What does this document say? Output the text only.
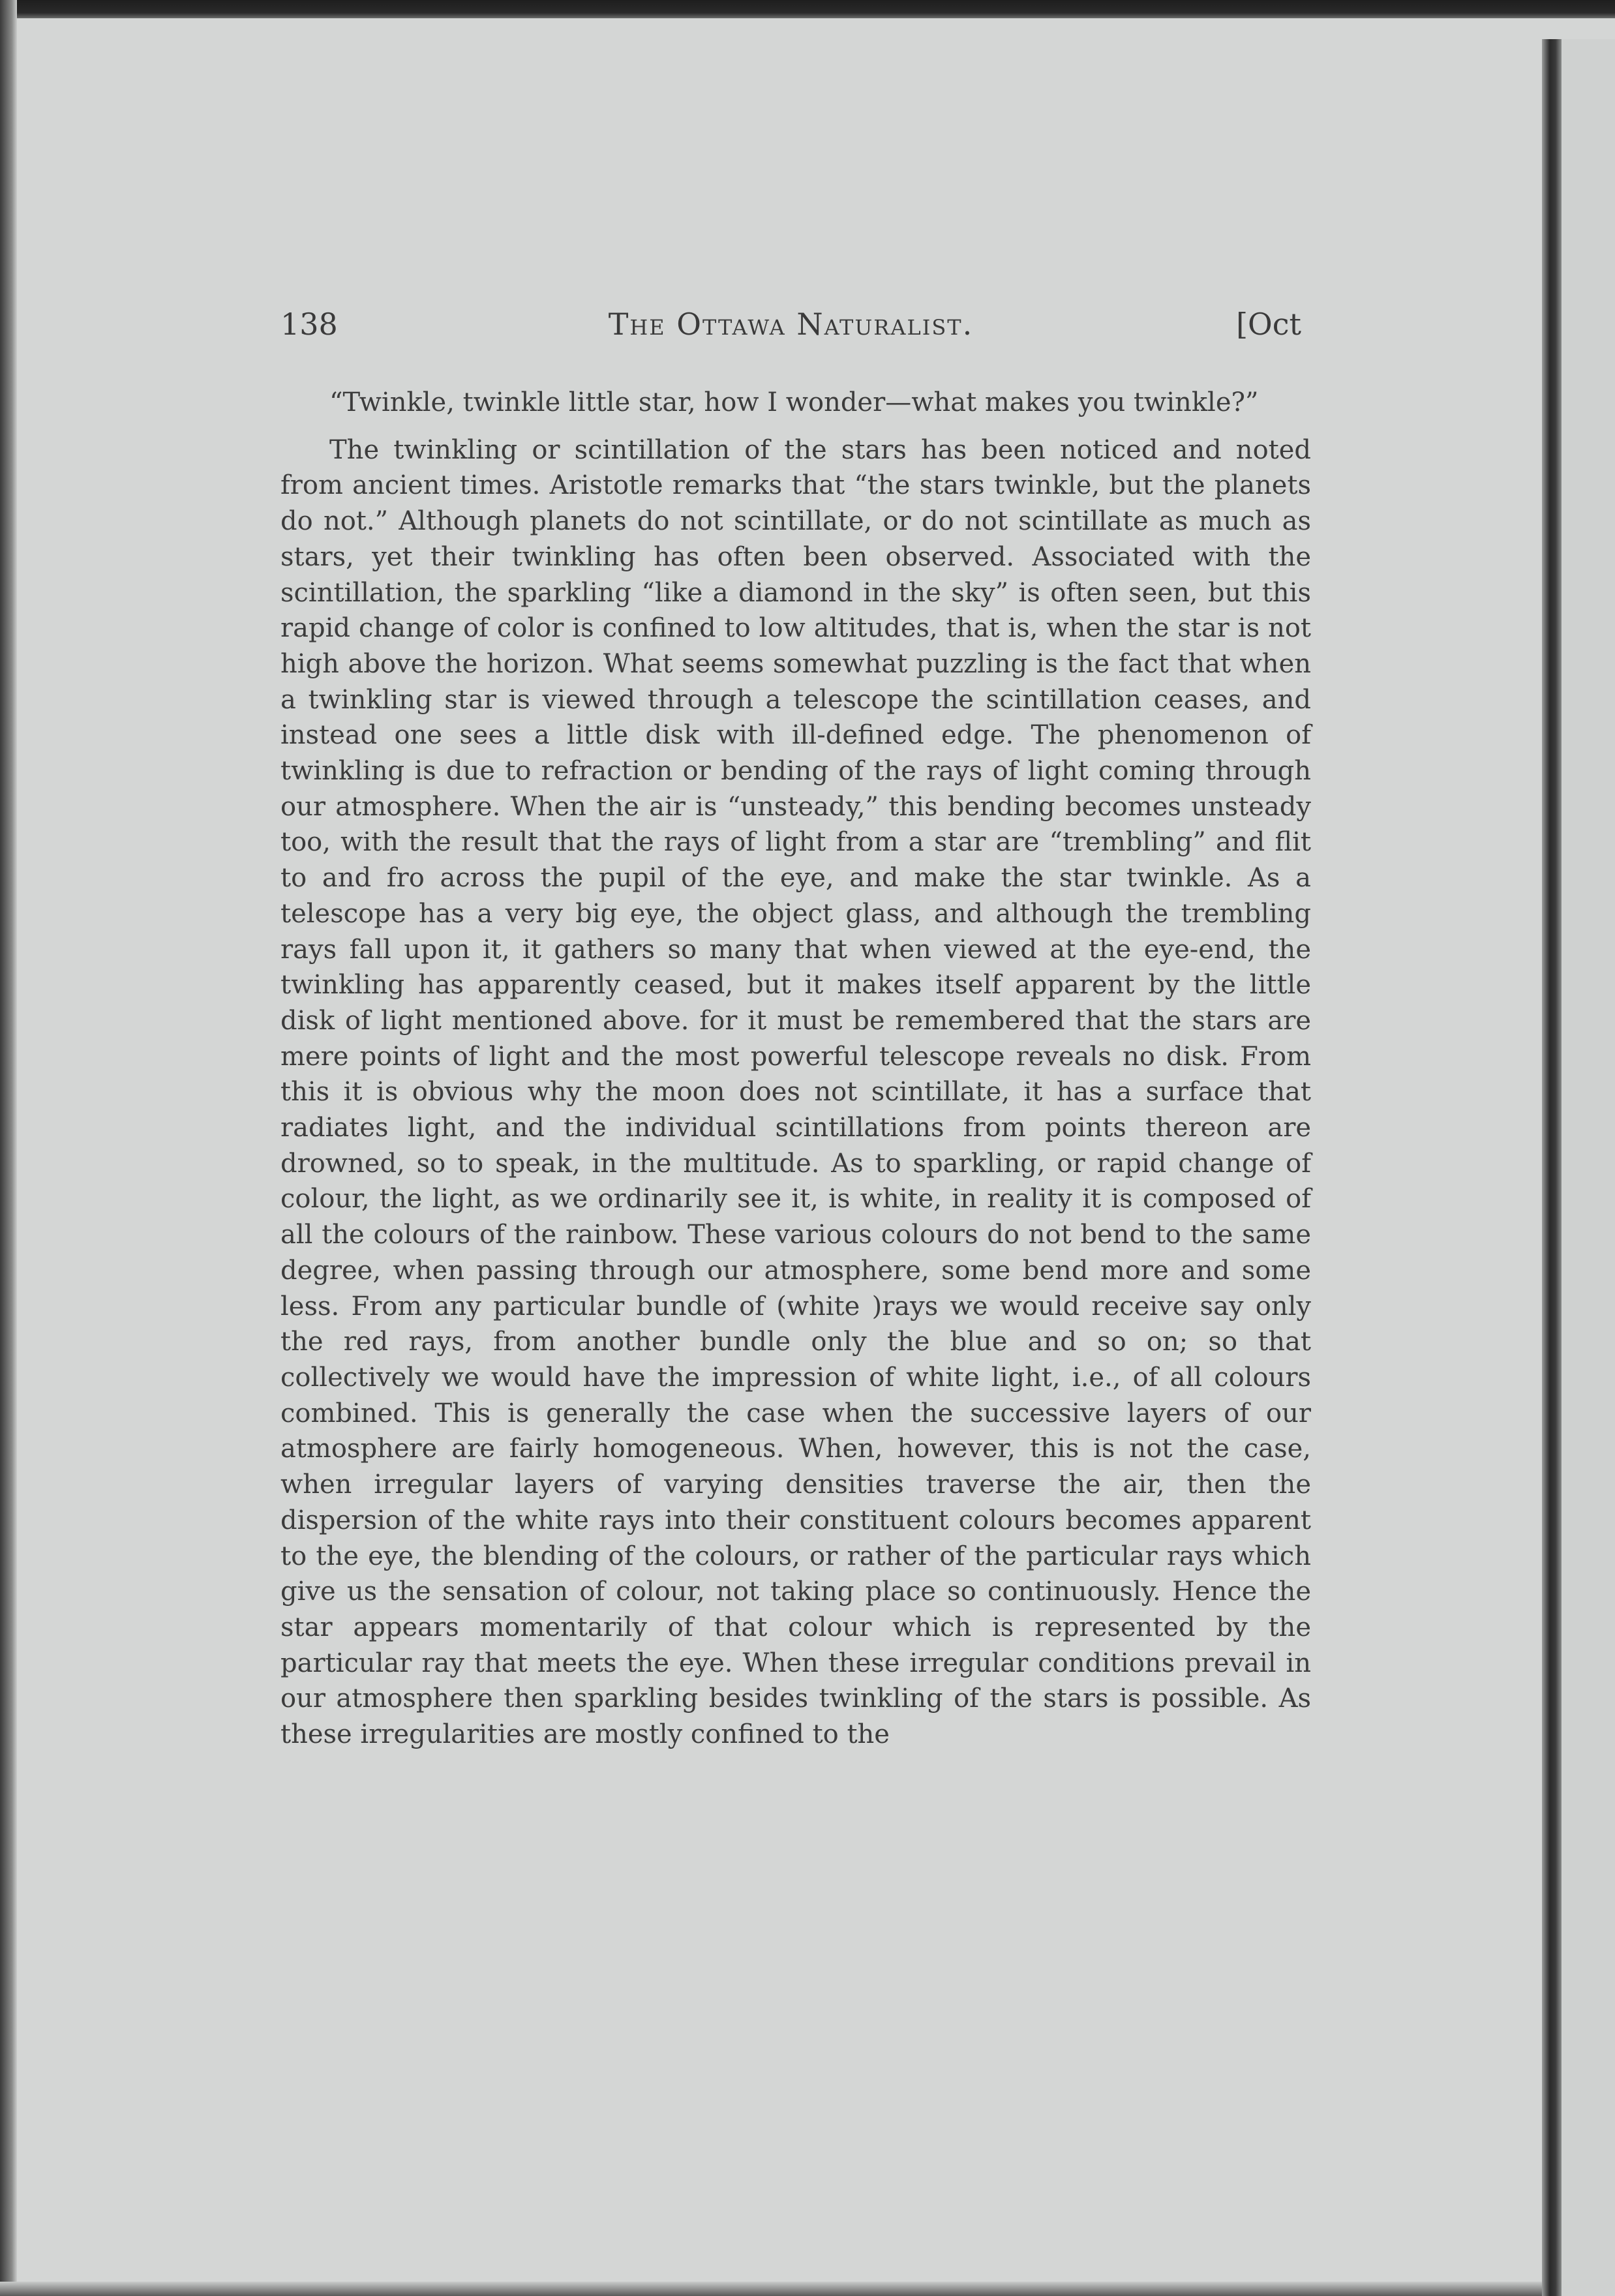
138	The Ottawa Naturalist.	[Oct

“Twinkle, twinkle little star, how I wonder—what makes you twinkle?”

The twinkling or scintillation of the stars has been noticed and noted from ancient times. Aristotle remarks that “the stars twinkle, but the planets do not.” Although planets do not scintillate, or do not scintillate as much as stars, yet their twinkling has often been observed. Associated with the scintillation, the sparkling “like a diamond in the sky” is often seen, but this rapid change of color is confined to low altitudes, that is, when the star is not high above the horizon. What seems somewhat puzzling is the fact that when a twinkling star is viewed through a telescope the scintillation ceases, and instead one sees a little disk with ill-defined edge. The phenomenon of twinkling is due to refraction or bending of the rays of light coming through our atmosphere. When the air is “unsteady,” this bending becomes unsteady too, with the result that the rays of light from a star are “trembling” and flit to and fro across the pupil of the eye, and make the star twinkle. As a telescope has a very big eye, the object glass, and although the trembling rays fall upon it, it gathers so many that when viewed at the eye-end, the twinkling has apparently ceased, but it makes itself apparent by the little disk of light mentioned above. for it must be remembered that the stars are mere points of light and the most powerful telescope reveals no disk. From this it is obvious why the moon does not scintillate, it has a surface that radiates light, and the individual scintillations from points thereon are drowned, so to speak, in the multitude. As to sparkling, or rapid change of colour, the light, as we ordinarily see it, is white, in reality it is composed of all the colours of the rainbow. These various colours do not bend to the same degree, when passing through our atmosphere, some bend more and some less. From any particular bundle of (white )rays we would receive say only the red rays, from another bundle only the blue and so on; so that collectively we would have the impression of white light, i.e., of all colours combined. This is generally the case when the successive layers of our atmosphere are fairly homogeneous. When, however, this is not the case, when irregular layers of varying densities traverse the air, then the dispersion of the white rays into their constituent colours becomes apparent to the eye, the blending of the colours, or rather of the particular rays which give us the sensation of colour, not taking place so continuously. Hence the star appears momentarily of that colour which is represented by the particular ray that meets the eye. When these irregular conditions prevail in our atmosphere then sparkling besides twinkling of the stars is possible. As these irregularities are mostly confined to the
